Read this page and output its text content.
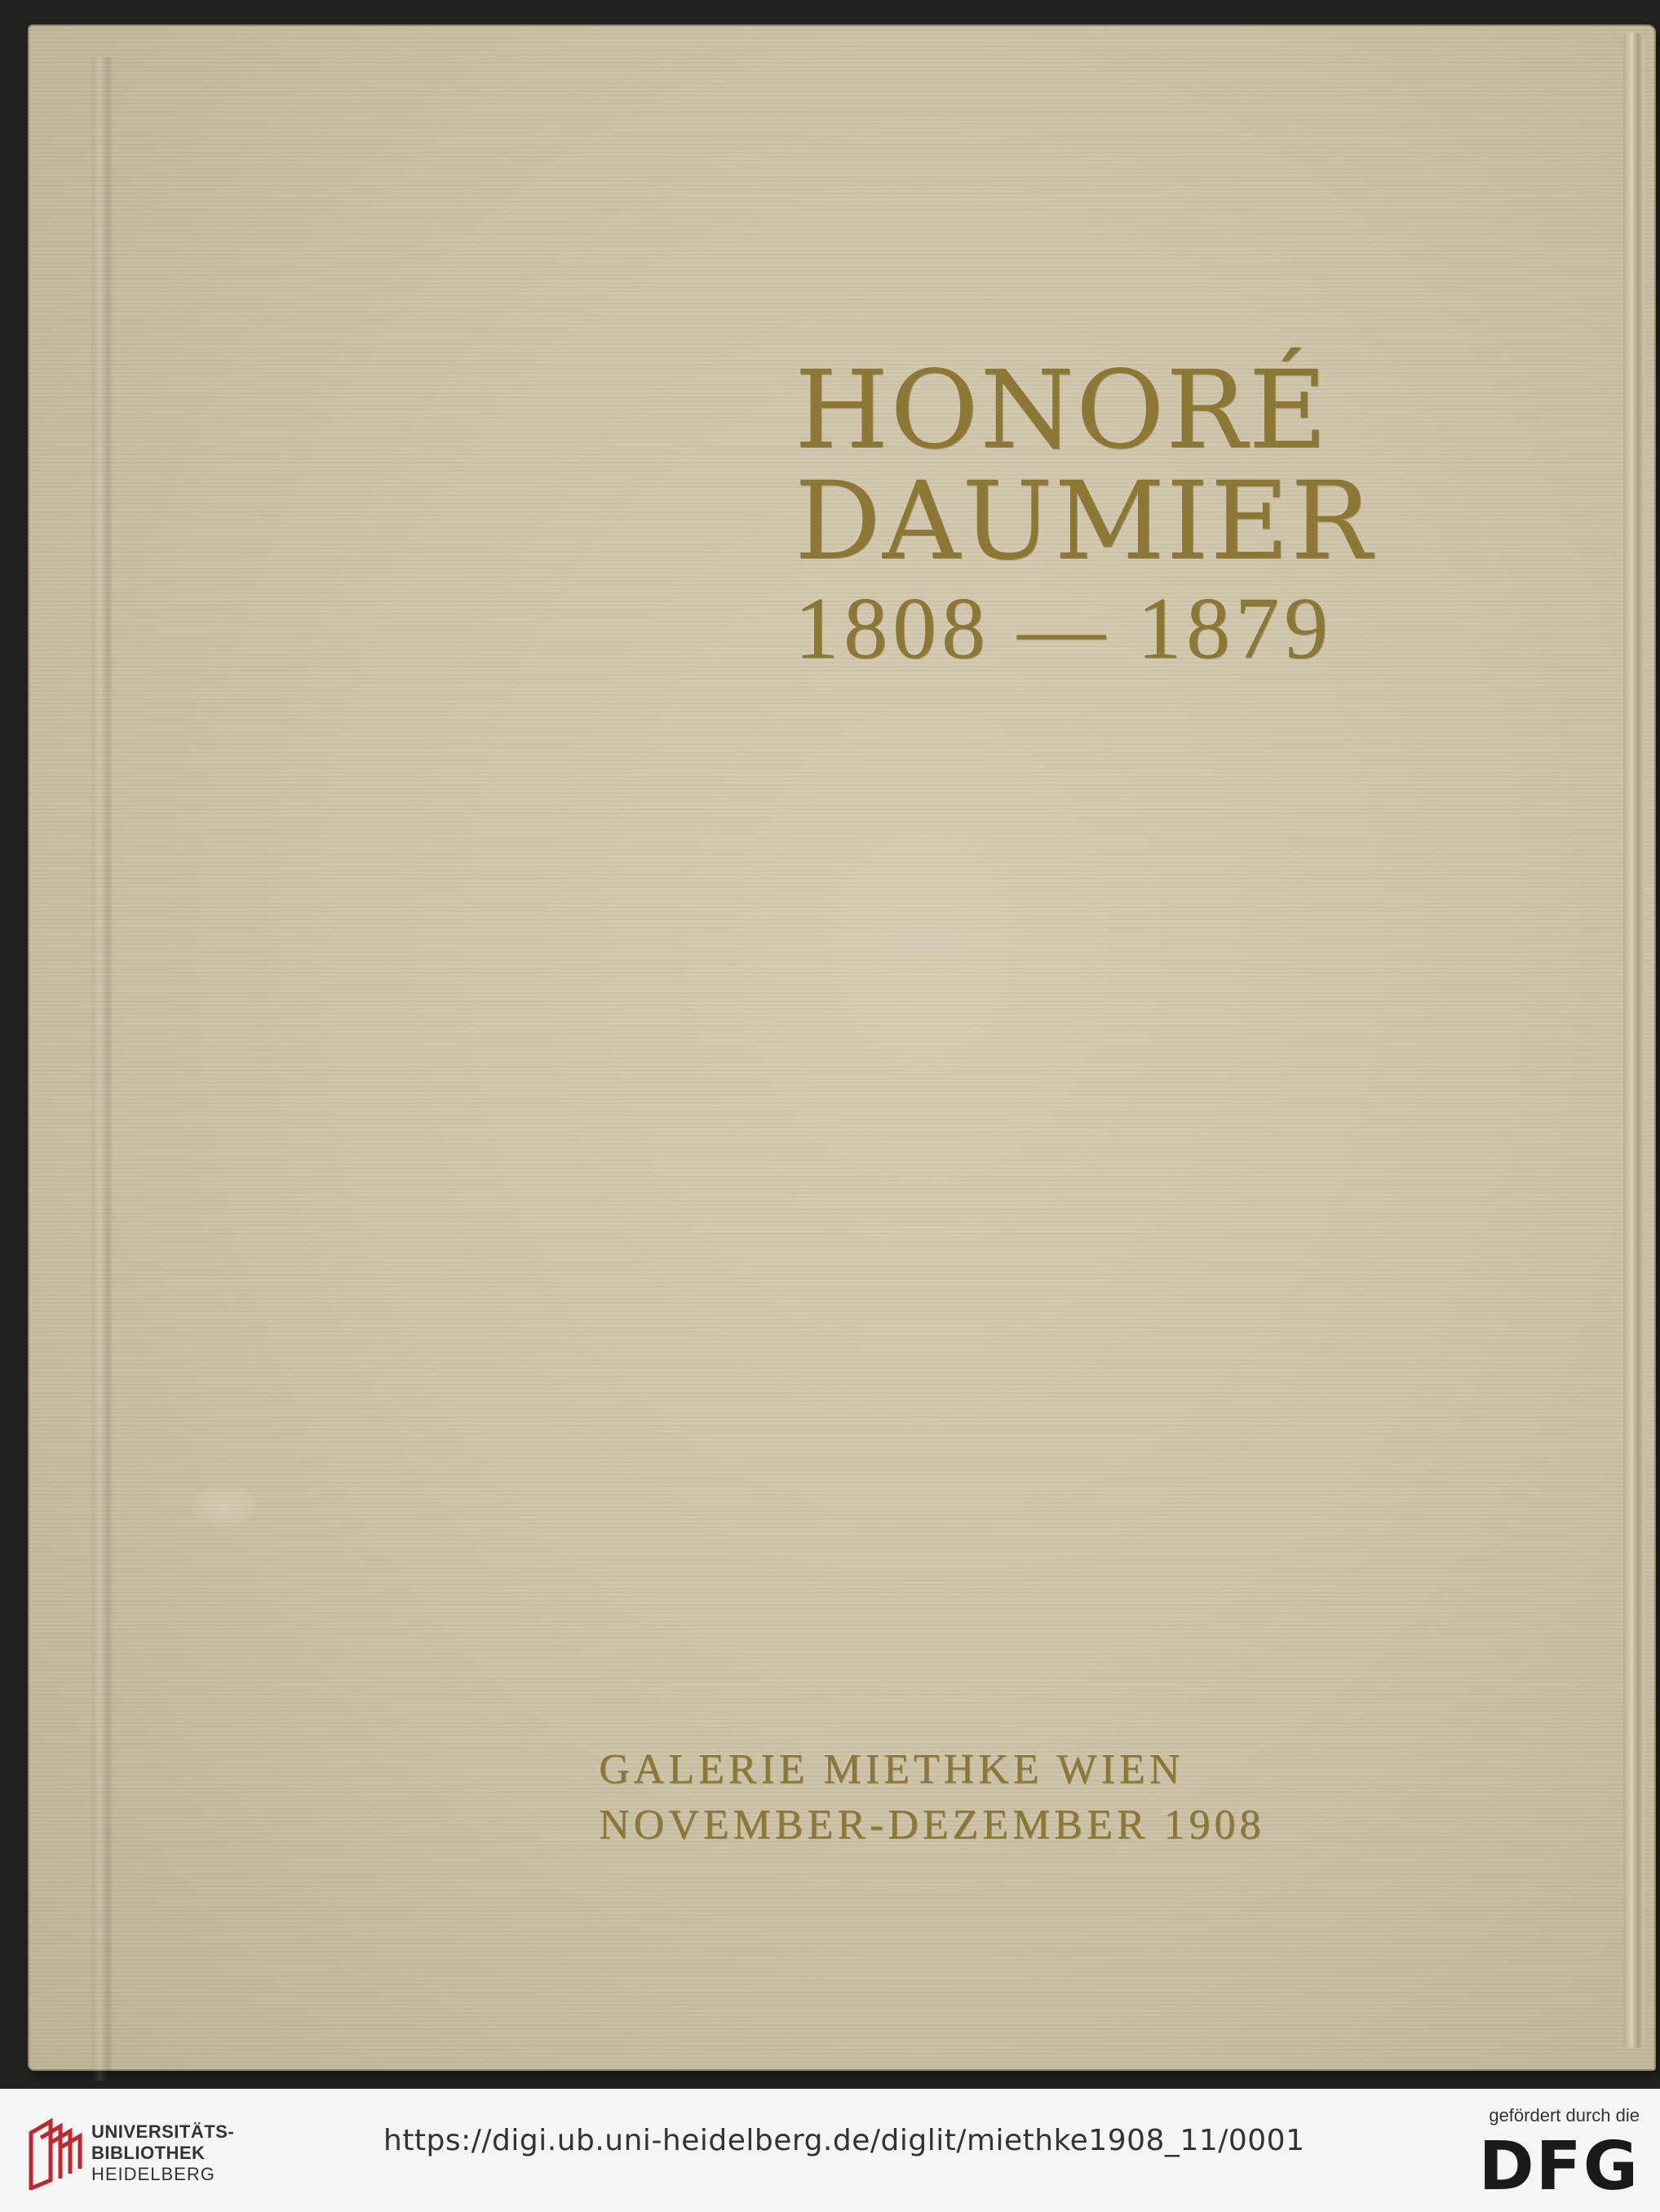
HONORÉ
DAUMIER
1808 — 1879
GALERIE MIETHKE WIEN
NOVEMBER-DEZEMBER 1908
UNIVERSITÄTS-
BIBLIOTHEK
HEIDELBERG
https://digi.ub.uni-heidelberg.de/diglit/miethke1908_11/0001
gefördert durch die
DFG
